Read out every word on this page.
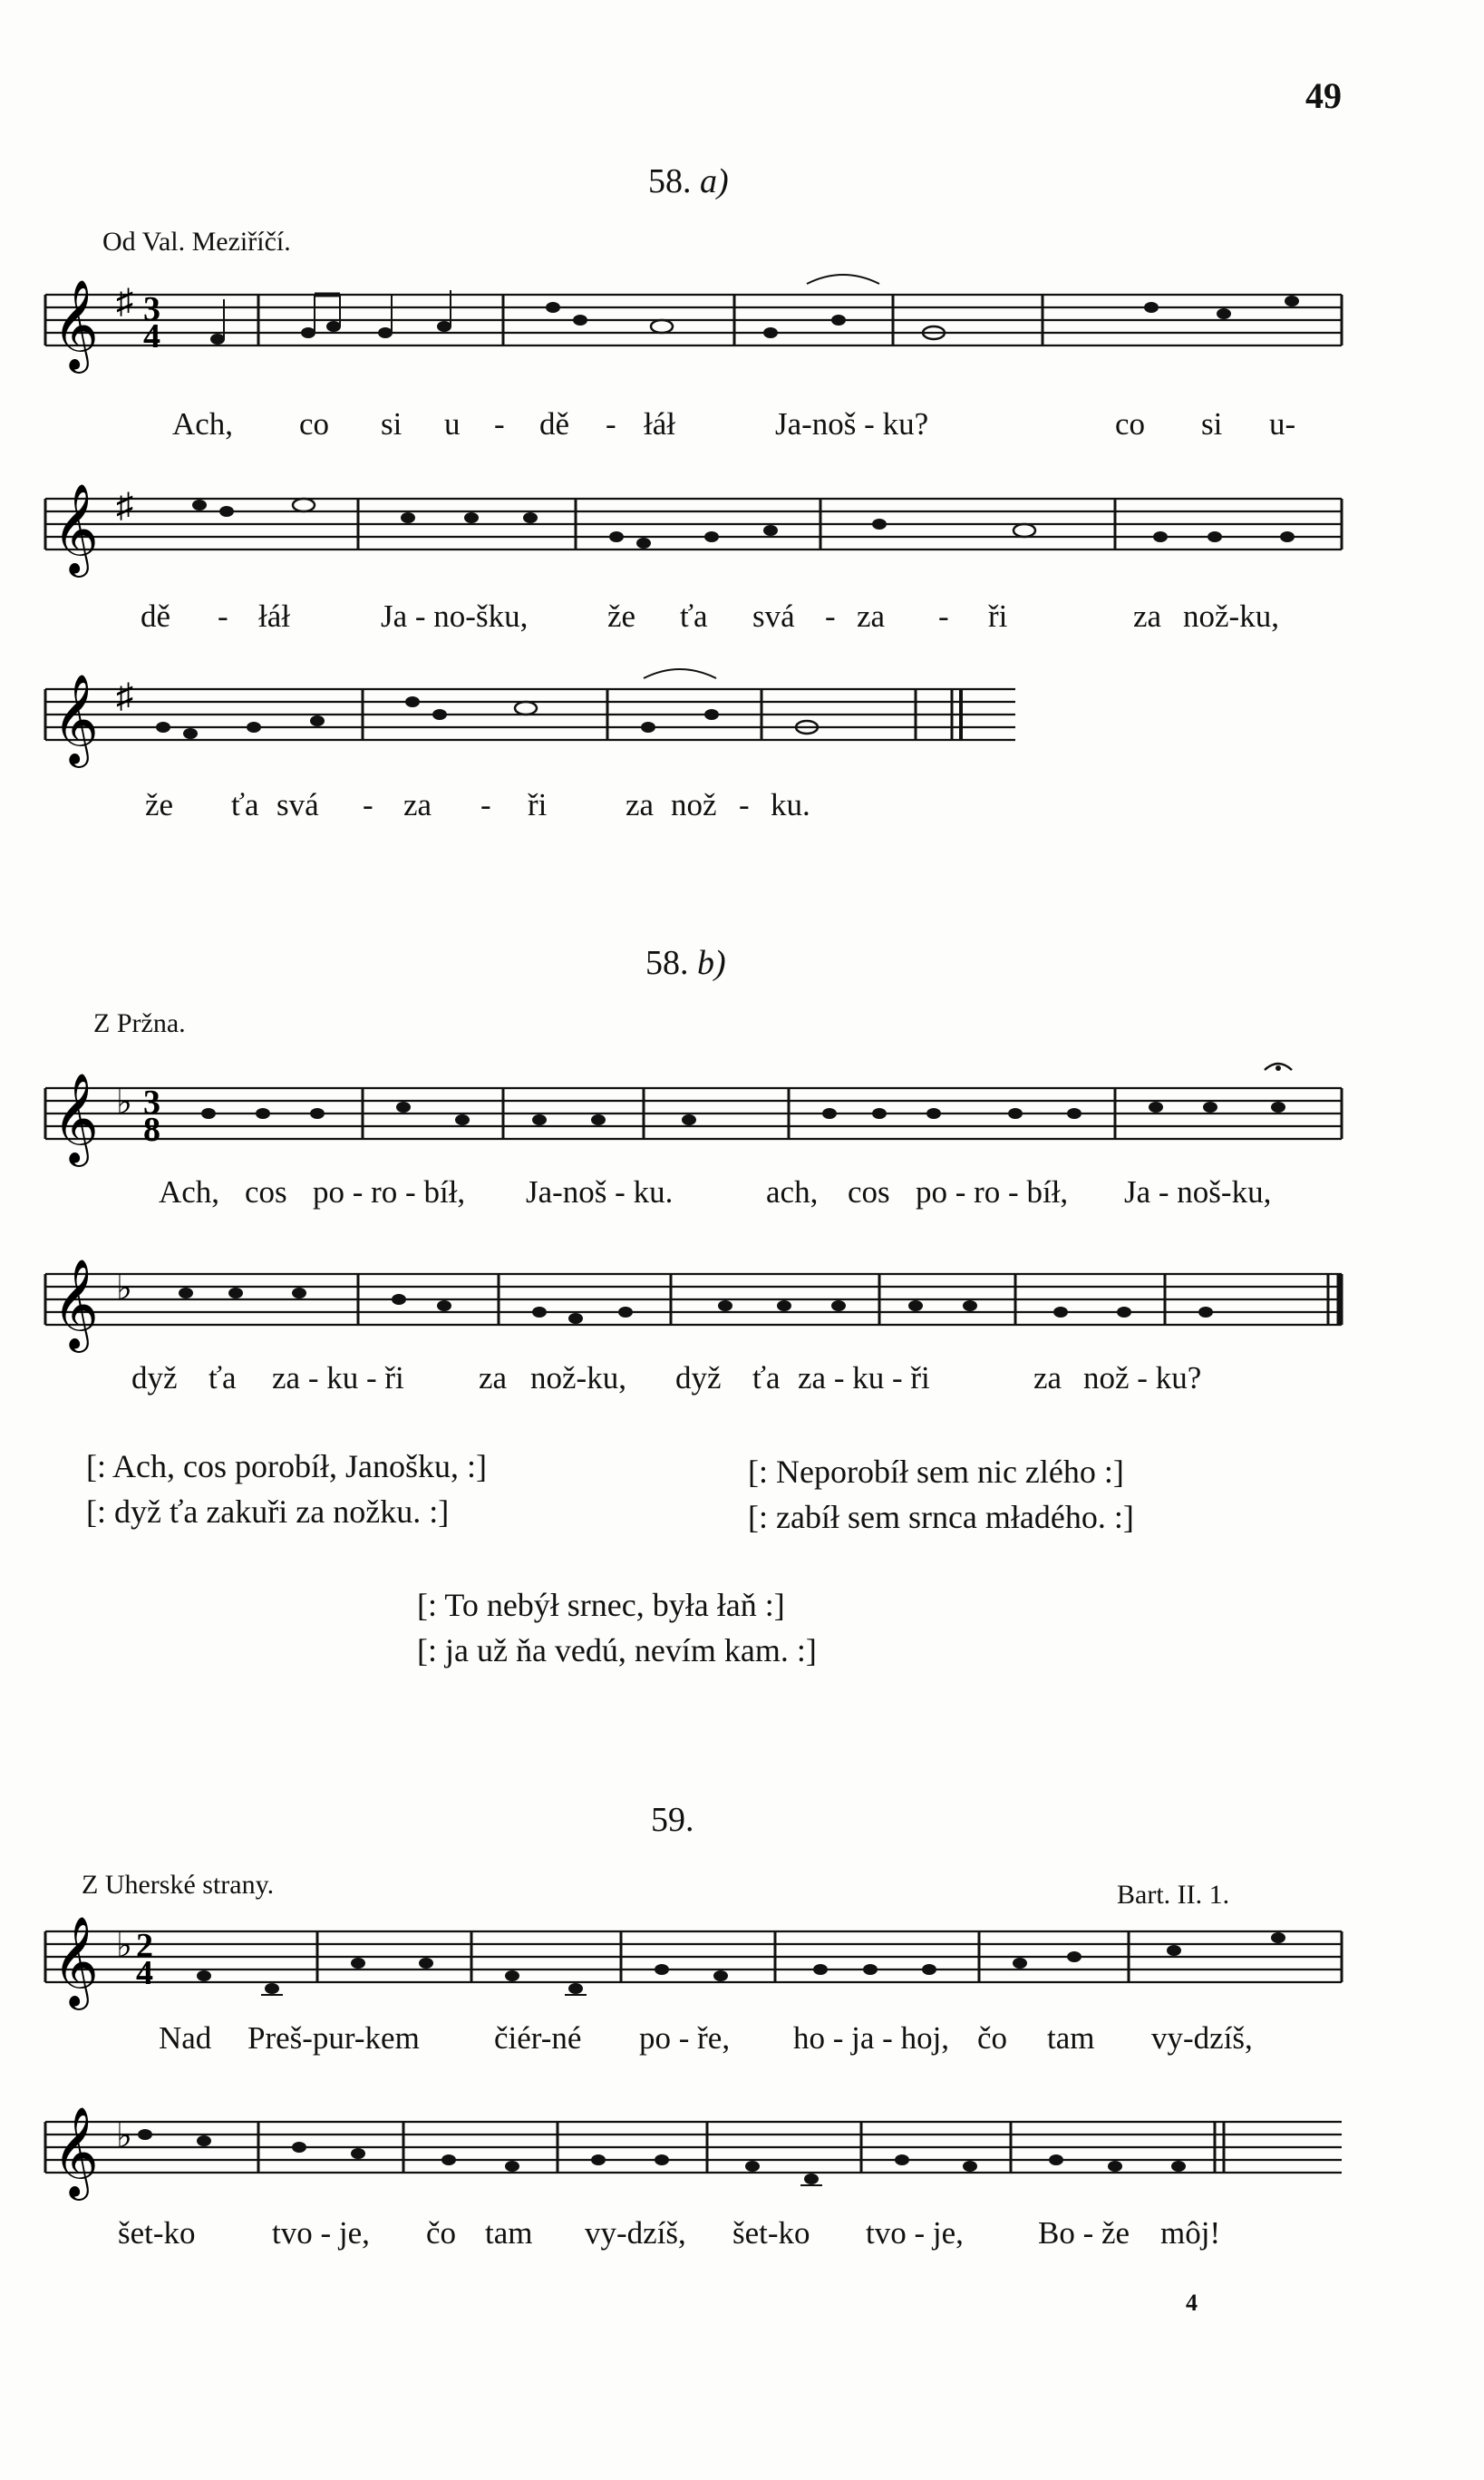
49
58. a)
Od Val. Meziříčí.
𝄞 ♯ 3
4
Ach, co si u - dě - łáł	Ja-noš - ku?	co si u-
𝄞 ♯
dě - łáł	Ja - no-šku,	že ťa svá - za - ři	za nož-ku,
𝄞 ♯
že ťa svá - za - ři za nož - ku.
58. b)
Z Pržna.
𝄞 ♭ 3
8
Ach, cos po - ro - bíł, Ja-noš - ku.	ach, cos po - ro - bíł, Ja - noš-ku,
𝄞 ♭
dyž ťa za - ku - ři za nož-ku, dyž ťa za - ku - ři	za nož - ku?
[: Ach, cos porobíł, Janošku, :]
[: dyž ťa zakuři za nožku. :]
[: Neporobíł sem nic zlého :]
[: zabíł sem srnca mładého. :]
[: To nebýł srnec, była łaň :]
[: ja už ňa vedú, nevím kam. :]
59.
Z Uherské strany.	Bart. II. 1.
𝄞 ♭ 2
4
Nad Preš-pur-kem čiér-né po - ře, ho - ja - hoj, čo tam vy-dzíš,
𝄞 ♭
šet-ko tvo - je, čo tam vy-dzíš, šet-ko tvo - je, Bo - že môj!
4
